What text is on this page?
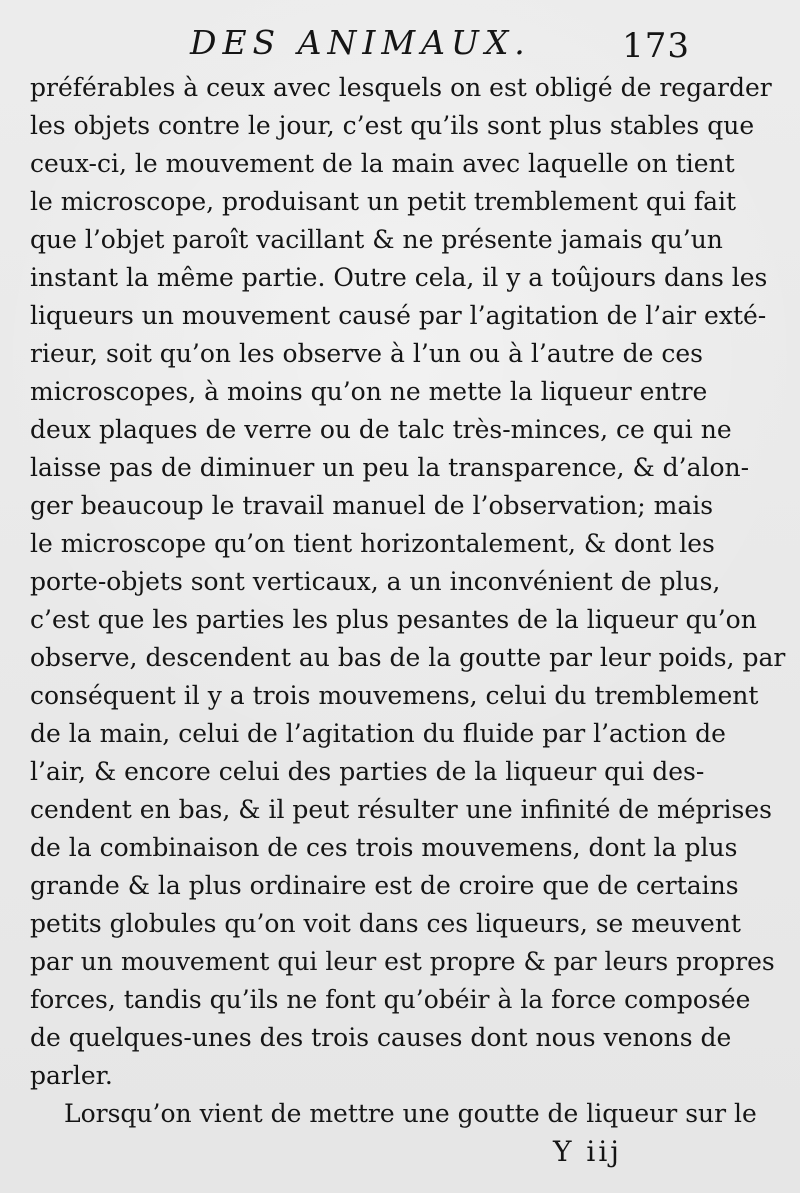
DES ANIMAUX.	173
préférables à ceux avec lesquels on est obligé de regarder
les objets contre le jour, c’est qu’ils sont plus stables que
ceux-ci, le mouvement de la main avec laquelle on tient
le microscope, produisant un petit tremblement qui fait
que l’objet paroît vacillant & ne présente jamais qu’un
instant la même partie. Outre cela, il y a toûjours dans les
liqueurs un mouvement causé par l’agitation de l’air exté-
rieur, soit qu’on les observe à l’un ou à l’autre de ces
microscopes, à moins qu’on ne mette la liqueur entre
deux plaques de verre ou de talc très-minces, ce qui ne
laisse pas de diminuer un peu la transparence, & d’alon-
ger beaucoup le travail manuel de l’observation; mais
le microscope qu’on tient horizontalement, & dont les
porte-objets sont verticaux, a un inconvénient de plus,
c’est que les parties les plus pesantes de la liqueur qu’on
observe, descendent au bas de la goutte par leur poids, par
conséquent il y a trois mouvemens, celui du tremblement
de la main, celui de l’agitation du fluide par l’action de
l’air, & encore celui des parties de la liqueur qui des-
cendent en bas, & il peut résulter une infinité de méprises
de la combinaison de ces trois mouvemens, dont la plus
grande & la plus ordinaire est de croire que de certains
petits globules qu’on voit dans ces liqueurs, se meuvent
par un mouvement qui leur est propre & par leurs propres
forces, tandis qu’ils ne font qu’obéir à la force composée
de quelques-unes des trois causes dont nous venons de
parler.
Lorsqu’on vient de mettre une goutte de liqueur sur le
Y iij
